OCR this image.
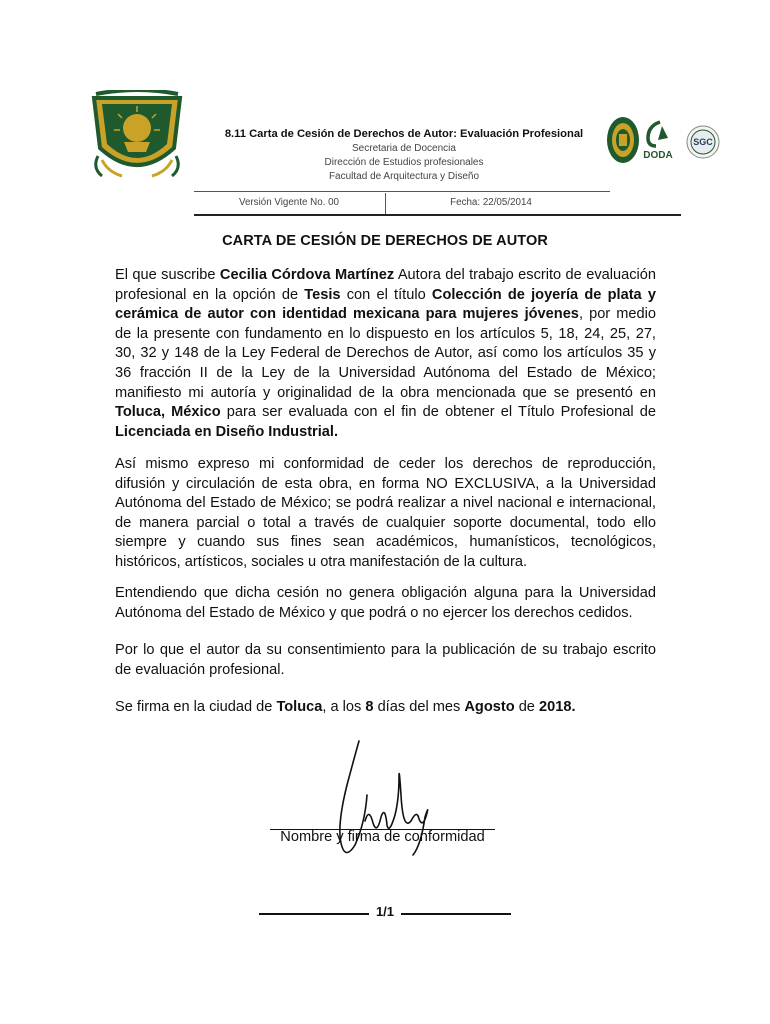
8.11 Carta de Cesión de Derechos de Autor: Evaluación Profesional
Secretaria de Docencia
Dirección de Estudios profesionales
Facultad de Arquitectura y Diseño
Versión Vigente No. 00	Fecha: 22/05/2014
DODA
SGC
CARTA DE CESIÓN DE DERECHOS DE AUTOR

El que suscribe Cecilia Córdova Martínez Autora del trabajo escrito de evaluación profesional en la opción de Tesis con el título Colección de joyería de plata y cerámica de autor con identidad mexicana para mujeres jóvenes, por medio de la presente con fundamento en lo dispuesto en los artículos 5, 18, 24, 25, 27, 30, 32 y 148 de la Ley Federal de Derechos de Autor, así como los artículos 35 y 36 fracción II de la Ley de la Universidad Autónoma del Estado de México; manifiesto mi autoría y originalidad de la obra mencionada que se presentó en Toluca, México para ser evaluada con el fin de obtener el Título Profesional de Licenciada en Diseño Industrial.

Así mismo expreso mi conformidad de ceder los derechos de reproducción, difusión y circulación de esta obra, en forma NO EXCLUSIVA, a la Universidad Autónoma del Estado de México; se podrá realizar a nivel nacional e internacional, de manera parcial o total a través de cualquier soporte documental, todo ello siempre y cuando sus fines sean académicos, humanísticos, tecnológicos, históricos, artísticos, sociales u otra manifestación de la cultura.

Entendiendo que dicha cesión no genera obligación alguna para la Universidad Autónoma del Estado de México y que podrá o no ejercer los derechos cedidos.

Por lo que el autor da su consentimiento para la publicación de su trabajo escrito de evaluación profesional.

Se firma en la ciudad de Toluca, a los 8 días del mes Agosto de 2018.

Nombre y firma de conformidad
1/1
